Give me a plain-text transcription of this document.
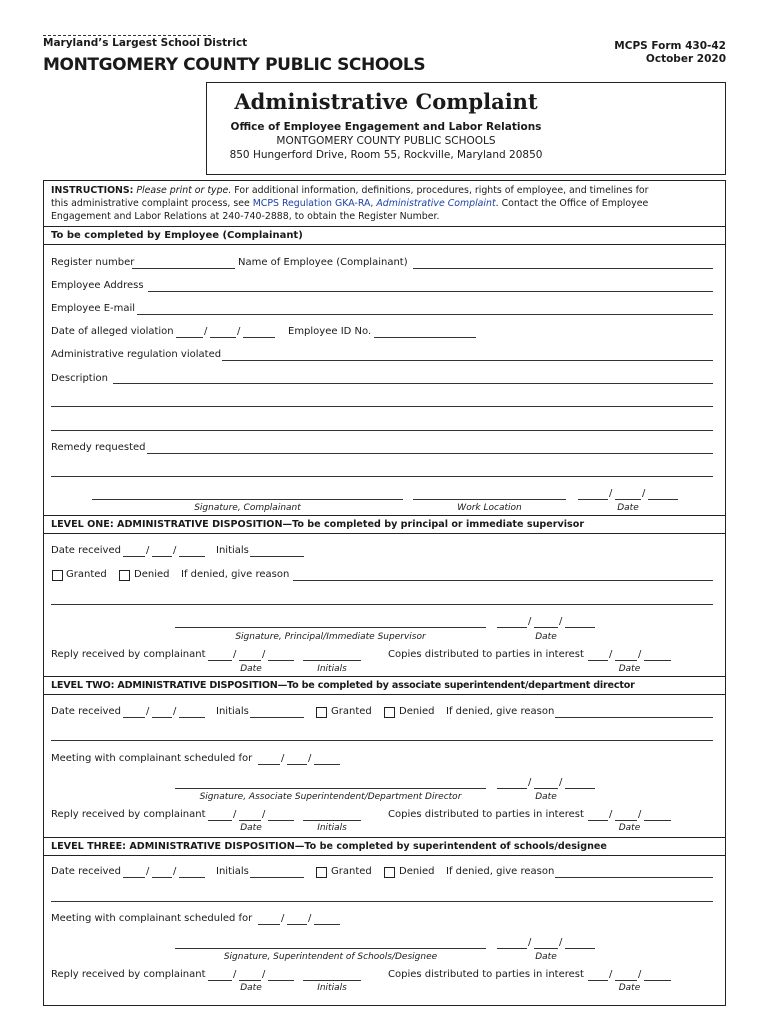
Maryland’s Largest School District
MONTGOMERY COUNTY PUBLIC SCHOOLS
MCPS Form 430-42
October 2020
Administrative Complaint
Office of Employee Engagement and Labor Relations
MONTGOMERY COUNTY PUBLIC SCHOOLS
850 Hungerford Drive, Room 55, Rockville, Maryland 20850
INSTRUCTIONS: Please print or type. For additional information, definitions, procedures, rights of employee, and timelines for
this administrative complaint process, see MCPS Regulation GKA-RA, Administrative Complaint. Contact the Office of Employee
Engagement and Labor Relations at 240-740-2888, to obtain the Register Number.
To be completed by Employee (Complainant)
Register number	Name of Employee (Complainant)
Employee Address
Employee E-mail
Date of alleged violation	/	/	Employee ID No.
Administrative regulation violated
Description
Remedy requested
/	/
Signature, Complainant	Work Location	Date
LEVEL ONE: ADMINISTRATIVE DISPOSITION—To be completed by principal or immediate supervisor
Date received	/ /	Initials
Granted	Denied If denied, give reason
/	/
Signature, Principal/Immediate Supervisor	Date
Reply received by complainant	/	/	Copies distributed to parties in interest	/	/
Date	Initials	Date
LEVEL TWO: ADMINISTRATIVE DISPOSITION—To be completed by associate superintendent/department director
Date received	/ /	Initials	Granted	Denied If denied, give reason
Meeting with complainant scheduled for	/ /
/	/
Signature, Associate Superintendent/Department Director	Date
Reply received by complainant	/	/	Copies distributed to parties in interest	/	/
Date	Initials	Date
LEVEL THREE: ADMINISTRATIVE DISPOSITION—To be completed by superintendent of schools/designee
Date received	/ /	Initials	Granted	Denied If denied, give reason
Meeting with complainant scheduled for	/ /
/	/
Signature, Superintendent of Schools/Designee	Date
Reply received by complainant	/	/	Copies distributed to parties in interest	/	/
Date	Initials	Date
